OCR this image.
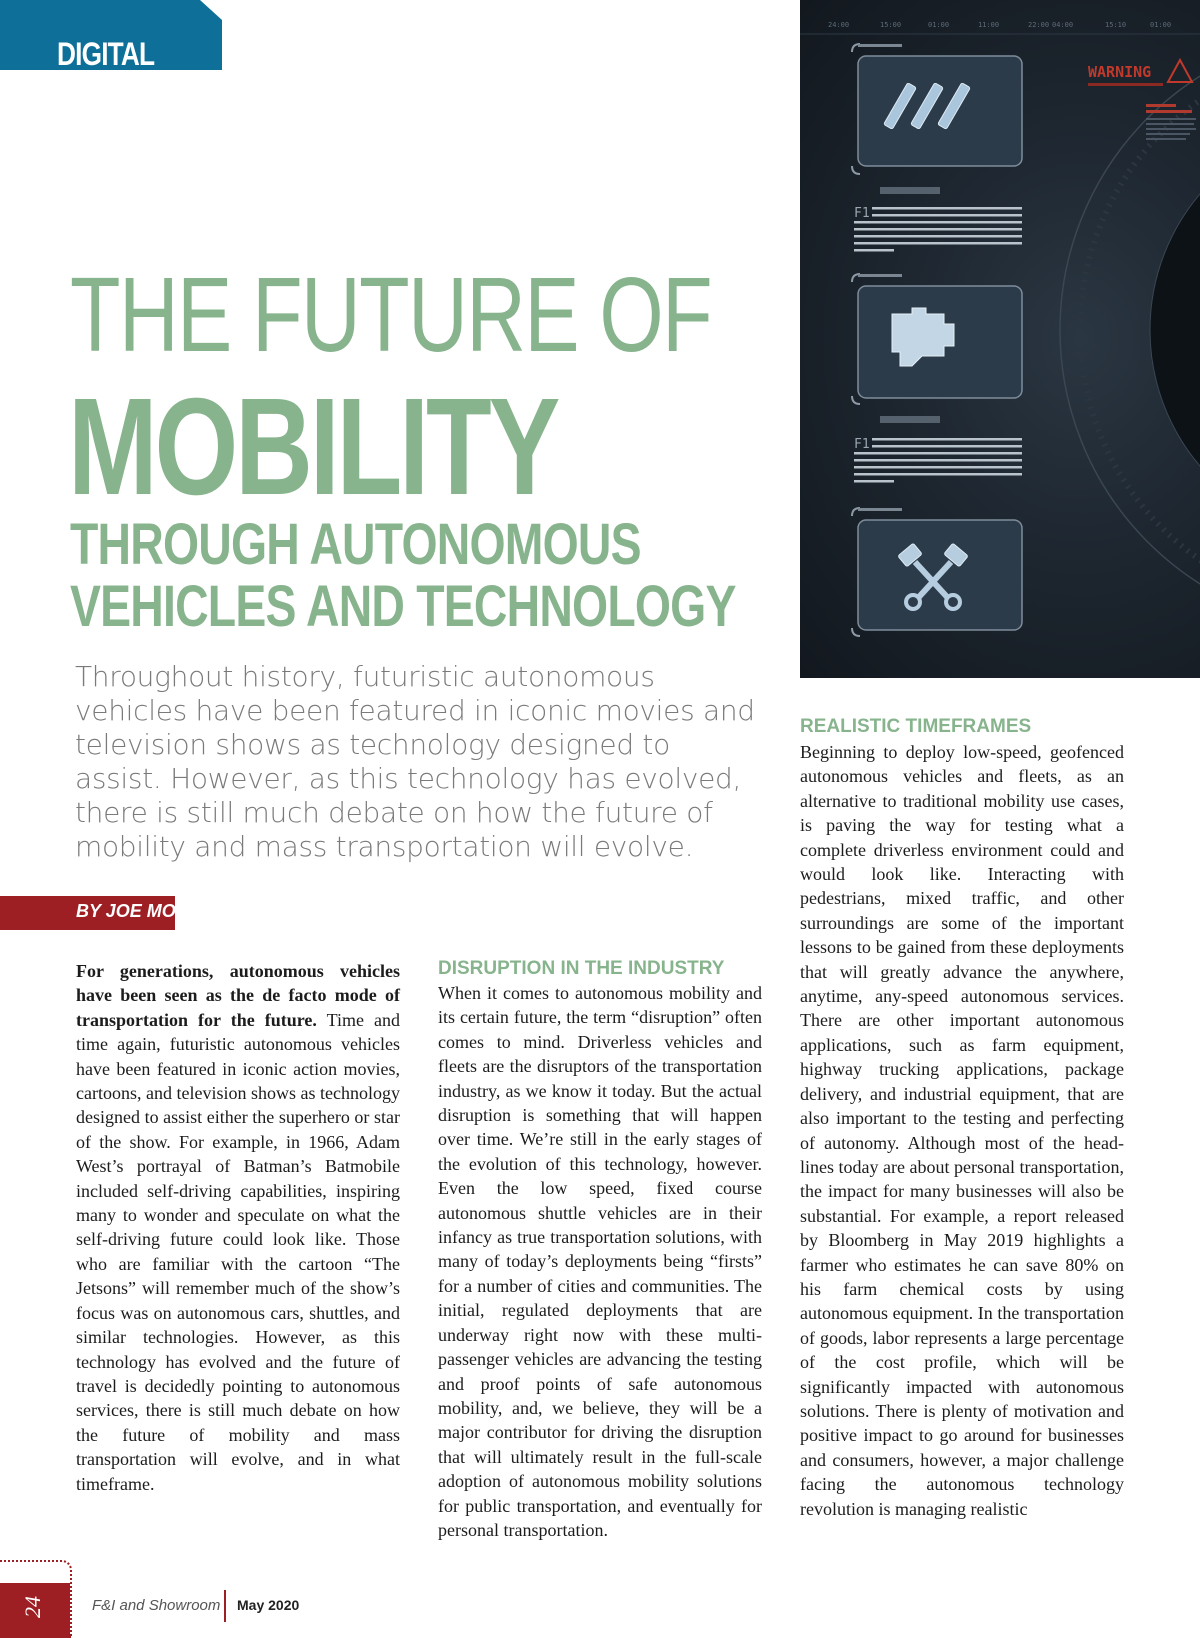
DIGITAL
24:00	15:00	01:00	11:00	22:00 04:00	15:10	01:00
WARNING
F1
F1
THE FUTURE OF
MOBILITY
THROUGH AUTONOMOUS
VEHICLES AND TECHNOLOGY
Throughout history, futuristic autonomous vehicles have been featured in iconic movies and television shows as technology designed to assist. However, as this technology has evolved, there is still much debate on how the future of mobility and mass transportation will evolve.
BY JOE MOYE
For generations, autonomous vehicles have been seen as the de facto mode of transportation for the future. Time and time again, futuristic autonomous vehicles have been featured in iconic action movies, cartoons, and television shows as technology designed to assist either the superhero or star of the show. For example, in 1966, Adam West’s portrayal of Batman’s Batmobile included self-driving capabilities, inspiring many to wonder and speculate on what the self-driving future could look like. Those who are familiar with the cartoon “The Jetsons” will remember much of the show’s focus was on autonomous cars, shuttles, and similar technologies. However, as this technology has evolved and the future of travel is decidedly pointing to autonomous services, there is still much debate on how the future of mobility and mass transportation will evolve, and in what timeframe.
DISRUPTION IN THE INDUSTRY
When it comes to autonomous mobility and its certain future, the term “disruption” often comes to mind. Driverless vehicles and fleets are the disruptors of the transportation industry, as we know it today. But the actual disruption is something that will happen over time. We’re still in the early stages of the evolution of this technology, however. Even the low speed, fixed course autonomous shuttle vehicles are in their infancy as true transportation solutions, with many of today’s deployments being “firsts” for a number of cities and communities. The initial, regulated deployments that are underway right now with these multi-passenger vehicles are advancing the testing and proof points of safe autonomous mobility, and, we believe, they will be a major contributor for driving the disruption that will ultimately result in the full-scale adoption of autonomous mobility solutions for public transportation, and eventually for personal transportation.
REALISTIC TIMEFRAMES
Beginning to deploy low-speed, geofenced autonomous vehicles and fleets, as an alternative to traditional mobility use cases, is paving the way for testing what a complete driverless environment could and would look like. Interacting with pedestrians, mixed traffic, and other surroundings are some of the important lessons to be gained from these deployments that will greatly advance the anywhere, anytime, any-speed autonomous services. There are other important autonomous applications, such as farm equipment, highway trucking applications, package delivery, and industrial equipment, that are also important to the testing and perfecting of autonomy. Although most of the headlines today are about personal transportation, the impact for many businesses will also be substantial. For example, a report released by Bloomberg in May 2019 highlights a farmer who estimates he can save 80% on his farm chemical costs by using autonomous equipment. In the transportation of goods, labor represents a large percentage of the cost profile, which will be significantly impacted with autonomous solutions. There is plenty of motivation and positive impact to go around for businesses and consumers, however, a major challenge facing the autonomous technology revolution is managing realistic
24	F&I and Showroom May 2020
